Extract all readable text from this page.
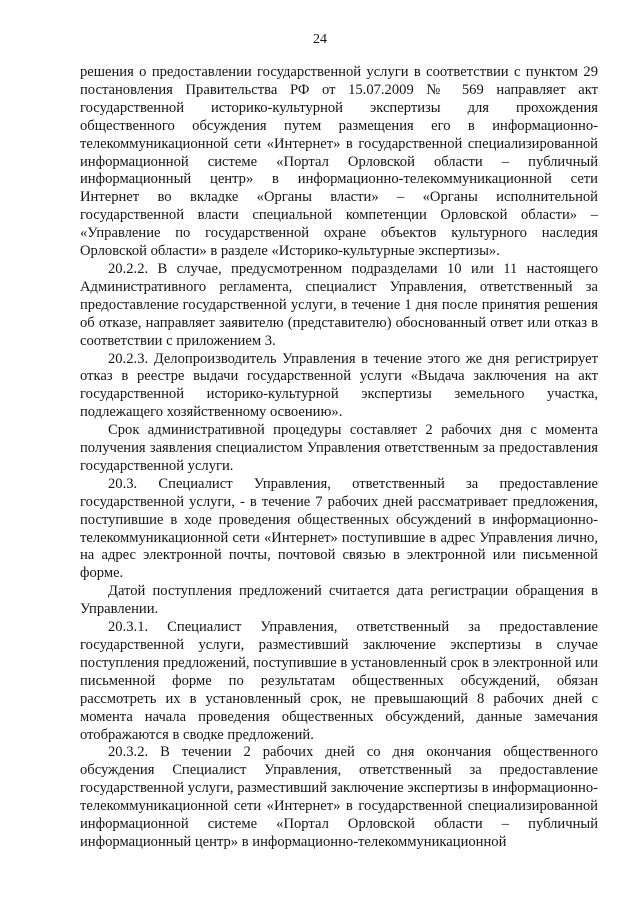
24

решения о предоставлении государственной услуги в соответствии с пунктом 29 постановления Правительства РФ от 15.07.2009 № 569 направляет акт государственной историко-культурной экспертизы для прохождения общественного обсуждения путем размещения его в информационно-телекоммуникационной сети «Интернет» в государственной специализированной информационной системе «Портал Орловской области – публичный информационный центр» в информационно-телекоммуникационной сети Интернет во вкладке «Органы власти» – «Органы исполнительной государственной власти специальной компетенции Орловской области» – «Управление по государственной охране объектов культурного наследия Орловской области» в разделе «Историко-культурные экспертизы».

20.2.2. В случае, предусмотренном подразделами 10 или 11 настоящего Административного регламента, специалист Управления, ответственный за предоставление государственной услуги, в течение 1 дня после принятия решения об отказе, направляет заявителю (представителю) обоснованный ответ или отказ в соответствии с приложением 3.

20.2.3. Делопроизводитель Управления в течение этого же дня регистрирует отказ в реестре выдачи государственной услуги «Выдача заключения на акт государственной историко-культурной экспертизы земельного участка, подлежащего хозяйственному освоению».

Срок административной процедуры составляет 2 рабочих дня с момента получения заявления специалистом Управления ответственным за предоставления государственной услуги.

20.3. Специалист Управления, ответственный за предоставление государственной услуги, - в течение 7 рабочих дней рассматривает предложения, поступившие в ходе проведения общественных обсуждений в информационно-телекоммуникационной сети «Интернет» поступившие в адрес Управления лично, на адрес электронной почты, почтовой связью в электронной или письменной форме.

Датой поступления предложений считается дата регистрации обращения в Управлении.

20.3.1. Специалист Управления, ответственный за предоставление государственной услуги, разместивший заключение экспертизы в случае поступления предложений, поступившие в установленный срок в электронной или письменной форме по результатам общественных обсуждений, обязан рассмотреть их в установленный срок, не превышающий 8 рабочих дней с момента начала проведения общественных обсуждений, данные замечания отображаются в сводке предложений.

20.3.2. В течении 2 рабочих дней со дня окончания общественного обсуждения Специалист Управления, ответственный за предоставление государственной услуги, разместивший заключение экспертизы в информационно-телекоммуникационной сети «Интернет» в государственной специализированной информационной системе «Портал Орловской области – публичный информационный центр» в информационно-телекоммуникационной
